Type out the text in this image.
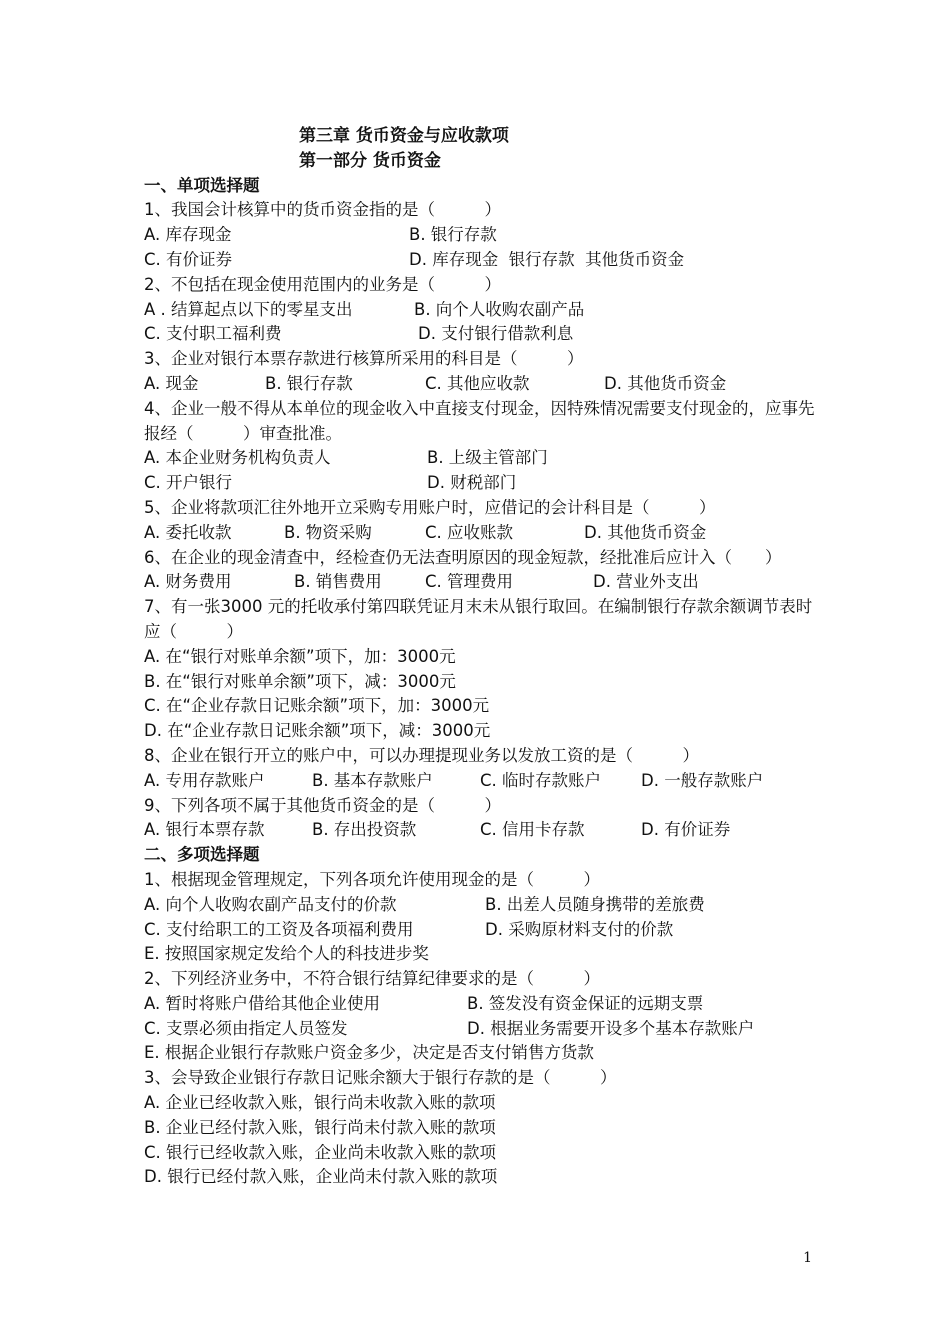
第三章 货币资金与应收款项
第一部分 货币资金
一、单项选择题
1、我国会计核算中的货币资金指的是（　　　）
A. 库存现金	B. 银行存款
C. 有价证券	D. 库存现金  银行存款  其他货币资金
2、不包括在现金使用范围内的业务是（　　　）
A . 结算起点以下的零星支出	B. 向个人收购农副产品
C. 支付职工福利费	D. 支付银行借款利息
3、企业对银行本票存款进行核算所采用的科目是（　　　）
A. 现金	B. 银行存款	C. 其他应收款	D. 其他货币资金
4、企业一般不得从本单位的现金收入中直接支付现金，因特殊情况需要支付现金的，应事先报经（　　　）审查批准。
A. 本企业财务机构负责人	B. 上级主管部门
C. 开户银行	D. 财税部门
5、企业将款项汇往外地开立采购专用账户时，应借记的会计科目是（　　　）
A. 委托收款	B. 物资采购	C. 应收账款	D. 其他货币资金
6、在企业的现金清查中，经检查仍无法查明原因的现金短款，经批准后应计入（　　）
A. 财务费用	B. 销售费用	C. 管理费用	D. 营业外支出
7、有一张3000 元的托收承付第四联凭证月末未从银行取回。在编制银行存款余额调节表时应（　　　）
A. 在“银行对账单余额”项下，加：3000元
B. 在“银行对账单余额”项下，减：3000元
C. 在“企业存款日记账余额”项下，加：3000元
D. 在“企业存款日记账余额”项下，减：3000元
8、企业在银行开立的账户中，可以办理提现业务以发放工资的是（　　　）
A. 专用存款账户	B. 基本存款账户	C. 临时存款账户	D. 一般存款账户
9、下列各项不属于其他货币资金的是（　　　）
A. 银行本票存款	B. 存出投资款	C. 信用卡存款	D. 有价证券
二、多项选择题
1、根据现金管理规定，下列各项允许使用现金的是（　　　）
A. 向个人收购农副产品支付的价款	B. 出差人员随身携带的差旅费
C. 支付给职工的工资及各项福利费用	D. 采购原材料支付的价款
E. 按照国家规定发给个人的科技进步奖
2、下列经济业务中，不符合银行结算纪律要求的是（　　　）
A. 暂时将账户借给其他企业使用	B. 签发没有资金保证的远期支票
C. 支票必须由指定人员签发	D. 根据业务需要开设多个基本存款账户
E. 根据企业银行存款账户资金多少，决定是否支付销售方货款
3、会导致企业银行存款日记账余额大于银行存款的是（　　　）
A. 企业已经收款入账，银行尚未收款入账的款项
B. 企业已经付款入账，银行尚未付款入账的款项
C. 银行已经收款入账，企业尚未收款入账的款项
D. 银行已经付款入账，企业尚未付款入账的款项
1
